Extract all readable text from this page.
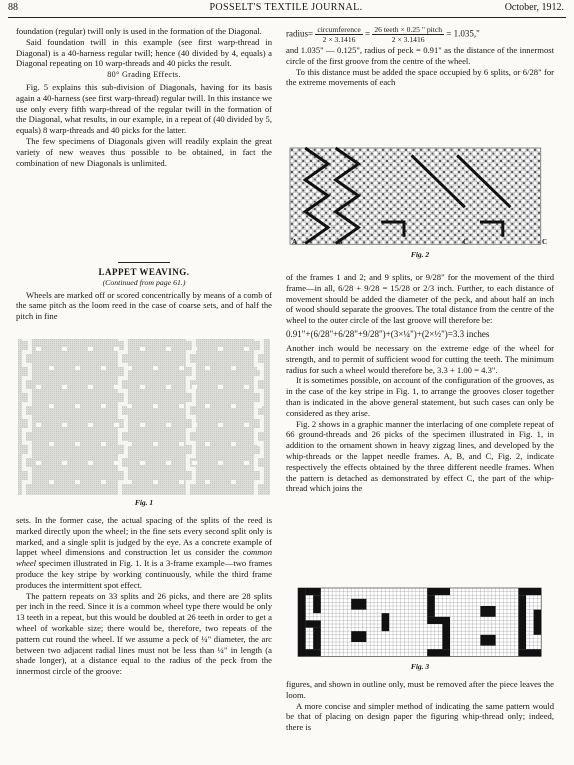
88	POSSELT'S TEXTILE JOURNAL.	October, 1912.

foundation (regular) twill only is used in the formation of the Diagonal.

Said foundation twill in this example (see first warp-thread in Diagonal) is a 40-harness regular twill; hence (40 divided by 4, equals) a Diagonal repeating on 10 warp-threads and 40 picks the result.

80° Grading Effects.

Fig. 5 explains this sub-division of Diagonals, having for its basis again a 40-harness (see first warp-thread) regular twill. In this instance we use only every fifth warp-thread of the regular twill in the formation of the Diagonal, what results, in our example, in a repeat of (40 divided by 5, equals) 8 warp-threads and 40 picks for the latter.

The few specimens of Diagonals given will readily explain the great variety of new weaves thus possible to be obtained, in fact the combination of new Diagonals is unlimited.

LAPPET WEAVING.
(Continued from page 61.)

Wheels are marked off or scored concentrically by means of a comb of the same pitch as the loom reed in the case of coarse sets, and of half the pitch in fine

Fig. 1

sets. In the former case, the actual spacing of the splits of the reed is marked directly upon the wheel; in the fine sets every second split only is marked, and a single split is judged by the eye. As a concrete example of lappet wheel dimensions and construction let us consider the common wheel specimen illustrated in Fig. 1. It is a 3-frame example—two frames produce the key stripe by working continuously, while the third frame produces the intermittent spot effect.

The pattern repeats on 33 splits and 26 picks, and there are 28 splits per inch in the reed. Since it is a common wheel type there would be only 13 teeth in a repeat, but this would be doubled at 26 teeth in order to get a wheel of workable size; there would be, therefore, two repeats of the pattern cut round the wheel. If we assume a peck of ¼" diameter, the arc between two adjacent radial lines must not be less than ¼" in length (a shade longer), at a distance equal to the radius of the peck from the innermost circle of the groove:

radius= $\frac{\text{circumference}}{2 \times 3.1416} = \frac{\text{26 teeth × 0.25 " pitch}}{2 \times 3.1416} = 1.035$,"

and 1.035" — 0.125", radius of peck = 0.91" as the distance of the innermost circle of the first groove from the centre of the wheel.

To this distance must be added the space occupied by 6 splits, or 6/28" for the extreme movements of each

A	B	C	C
Fig. 2

of the frames 1 and 2; and 9 splits, or 9/28" for the movement of the third frame—in all, 6/28 + 9/28 = 15/28 or 2/3 inch. Further, to each distance of movement should be added the diameter of the peck, and about half an inch of wood should separate the grooves. The total distance from the centre of the wheel to the outer circle of the last groove will therefore be:

0.91"+(6/28"+6/28"+9/28")+(3×¼")+(2×½")=3.3 inches

Another inch would be necessary on the extreme edge of the wheel for strength, and to permit of sufficient wood for cutting the teeth. The minimum radius for such a wheel would therefore be, 3.3 + 1.00 = 4.3".

It is sometimes possible, on account of the configuration of the grooves, as in the case of the key stripe in Fig. 1, to arrange the grooves closer together than is indicated in the above general statement, but such cases can only be considered as they arise.

Fig. 2 shows in a graphic manner the interlacing of one complete repeat of 66 ground-threads and 26 picks of the specimen illustrated in Fig. 1, in addition to the ornament shown in heavy zigzag lines, and developed by the whip-threads or the lappet needle frames. A, B, and C, Fig. 2, indicate respectively the effects obtained by the three different needle frames. When the pattern is detached as demonstrated by effect C, the part of the whip-thread which joins the

Fig. 3

figures, and shown in outline only, must be removed after the piece leaves the loom.

A more concise and simpler method of indicating the same pattern would be that of placing on design paper the figuring whip-thread only; indeed, there is
